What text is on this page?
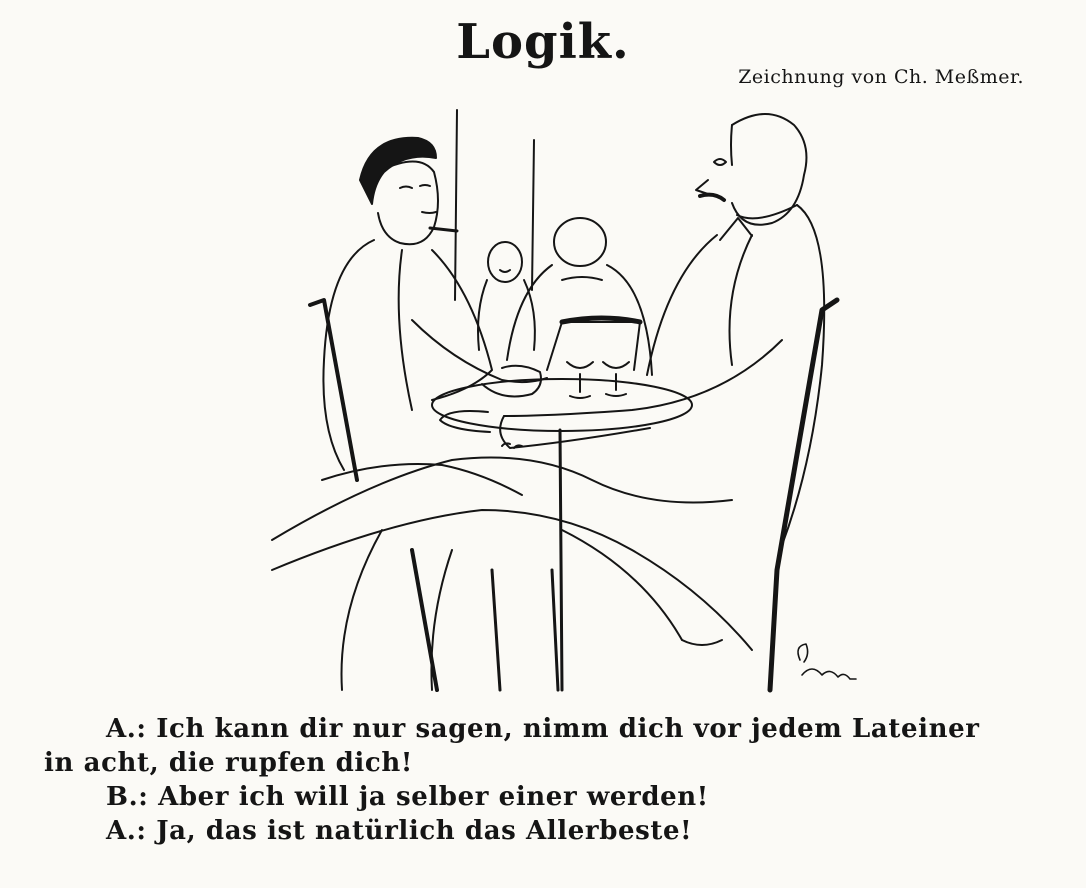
Logik.
Zeichnung von Ch. Meßmer.

A.: Ich kann dir nur sagen, nimm dich vor jedem Lateiner

in acht, die rupfen dich!

B.: Aber ich will ja selber einer werden!

A.: Ja, das ist natürlich das Allerbeste!
